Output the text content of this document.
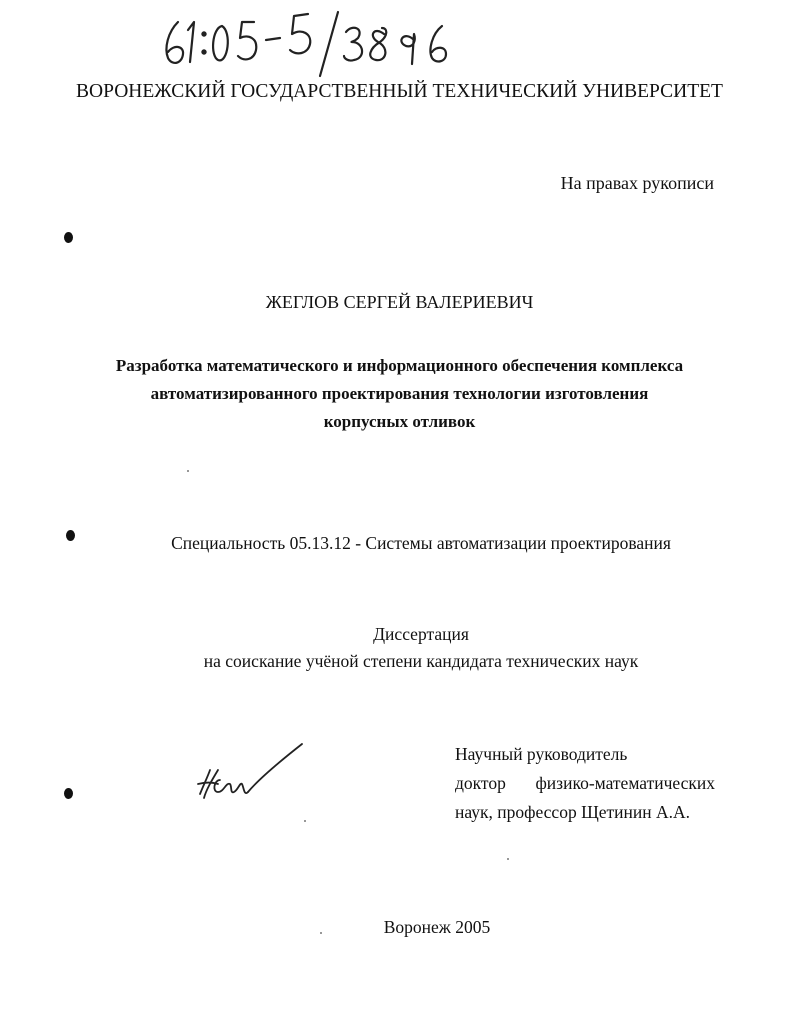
ВОРОНЕЖСКИЙ ГОСУДАРСТВЕННЫЙ ТЕХНИЧЕСКИЙ УНИВЕРСИТЕТ
На правах рукописи
ЖЕГЛОВ СЕРГЕЙ ВАЛЕРИЕВИЧ
Разработка математического и информационного обеспечения комплекса
автоматизированного проектирования технологии изготовления
корпусных отливок
Специальность 05.13.12 - Системы автоматизации проектирования
Диссертация
на соискание учёной степени кандидата технических наук
Научный руководитель
доктор физико-математических
наук, профессор Щетинин А.А.
Воронеж 2005
